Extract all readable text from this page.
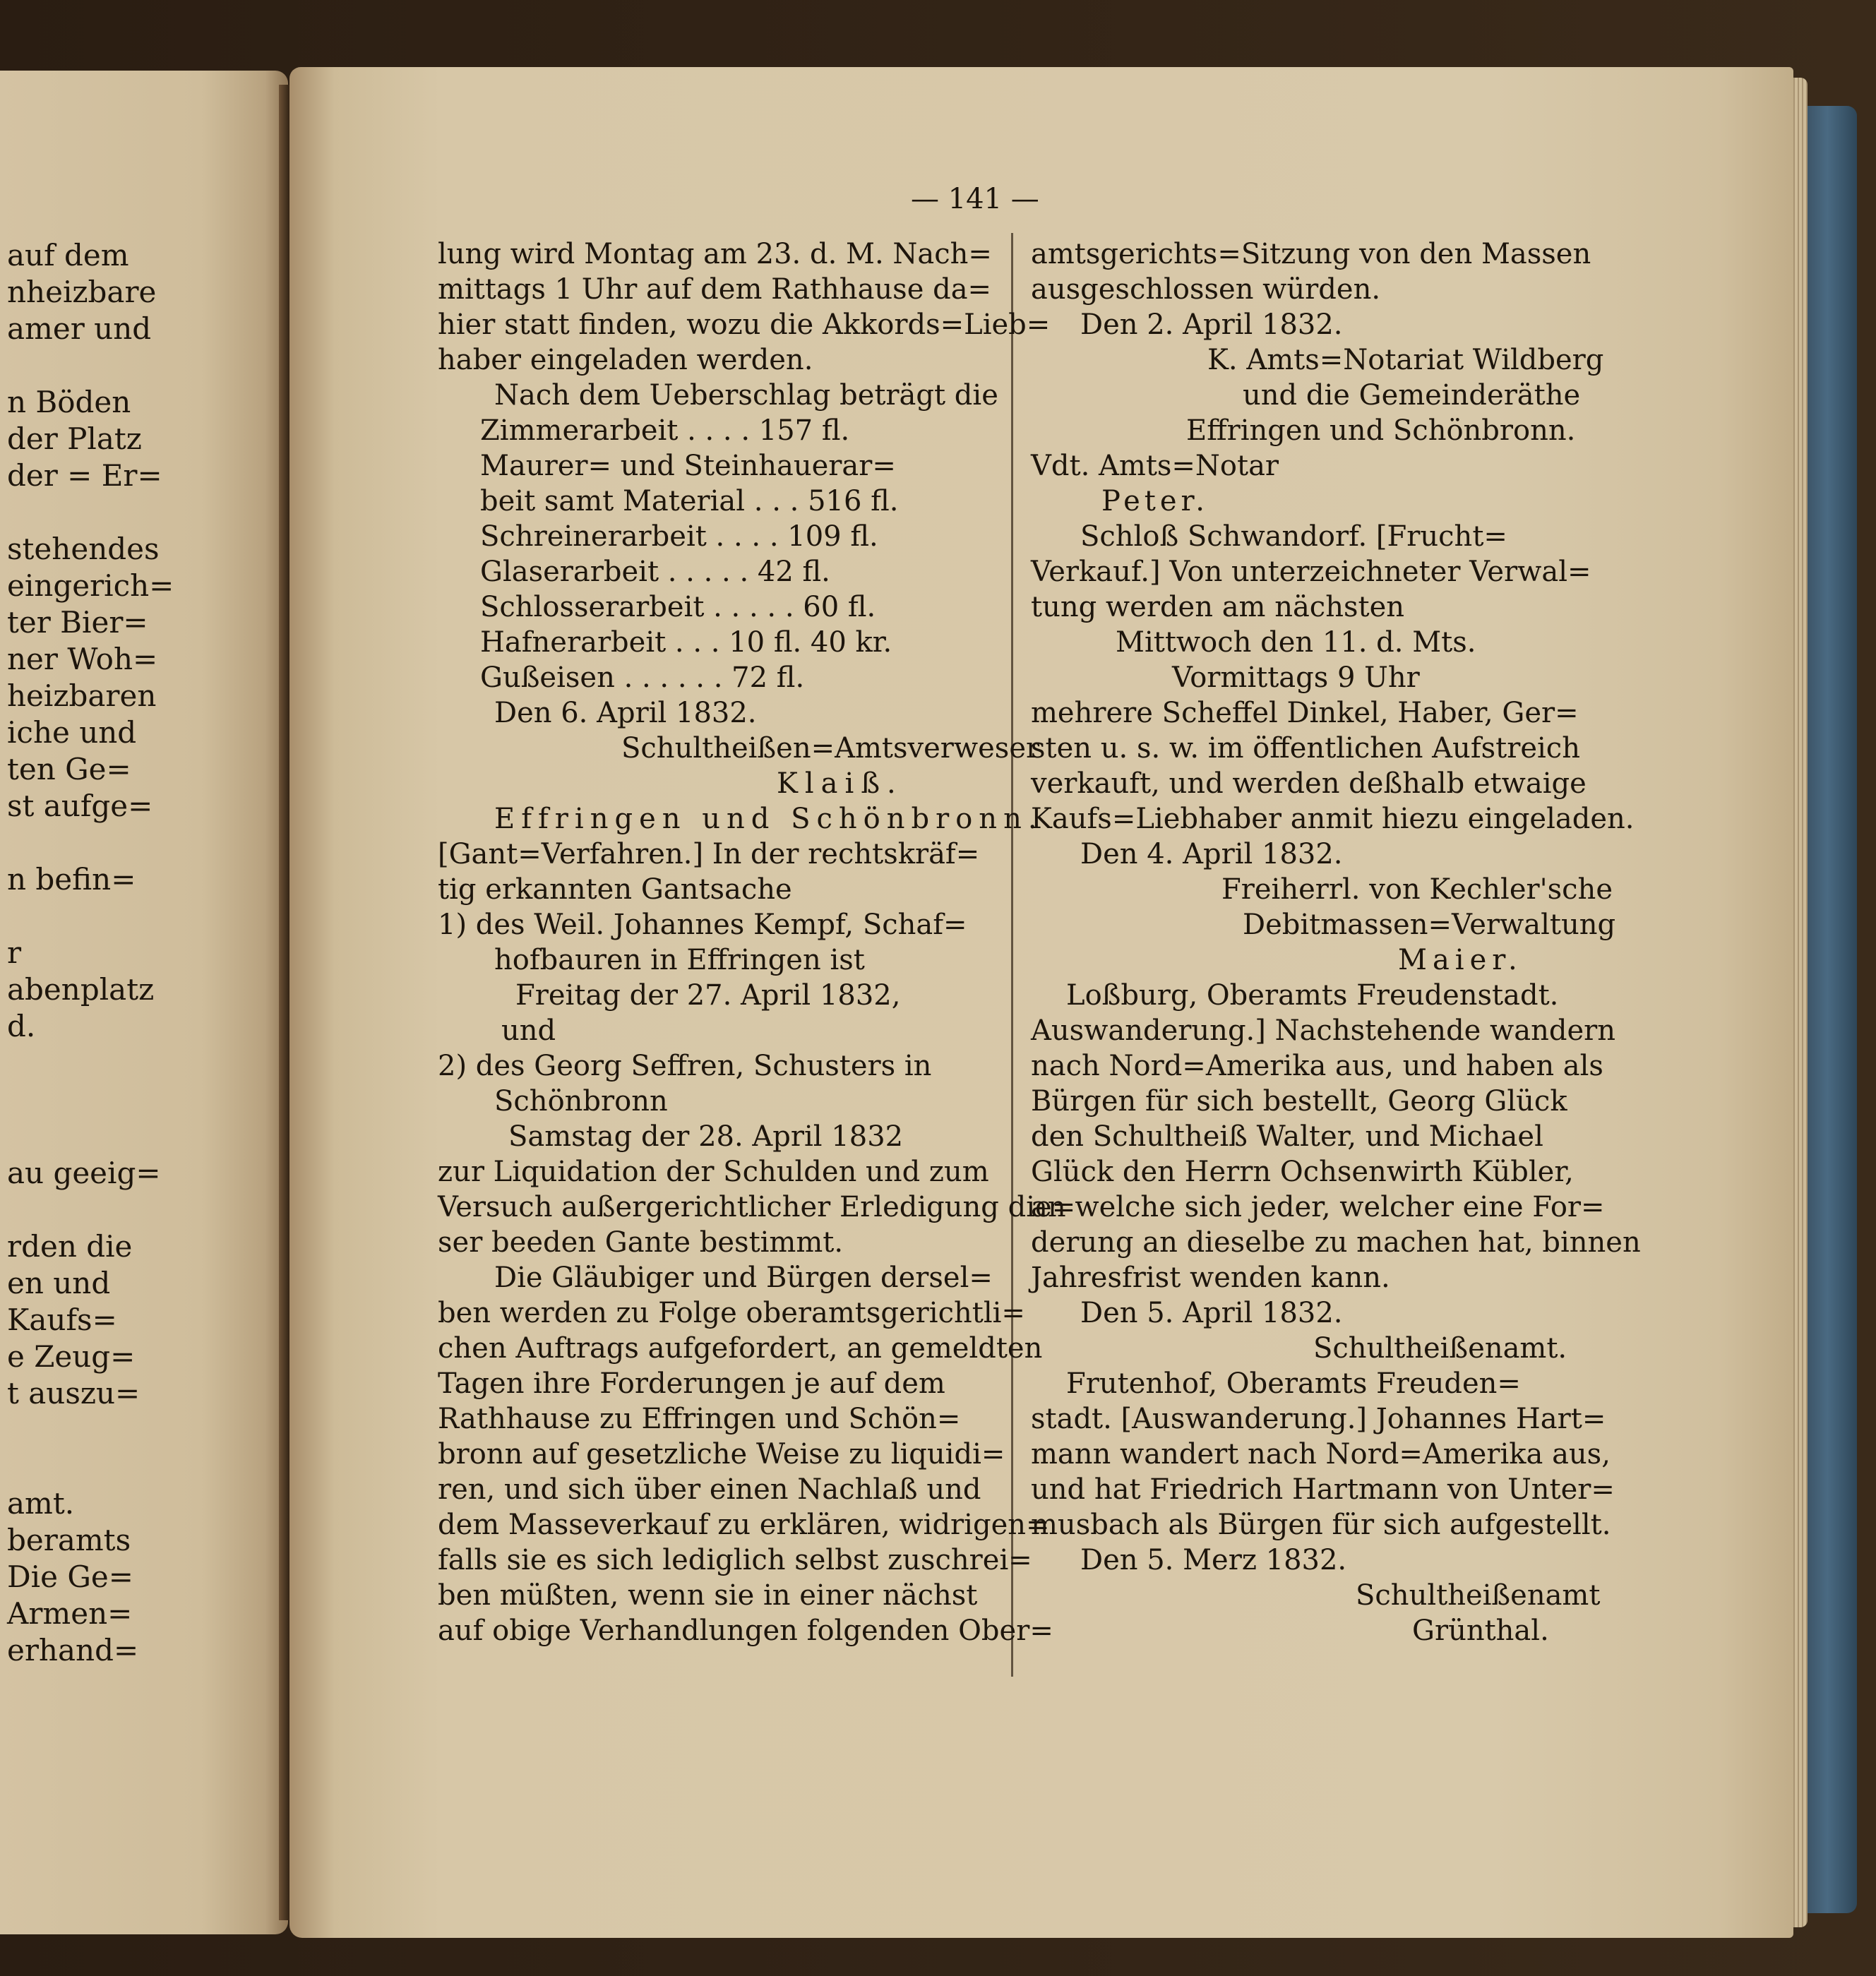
auf dem
nheizbare
amer und
n Böden
der Platz
der = Er=
stehendes
eingerich=
ter Bier=
ner Woh=
heizbaren
iche und
ten Ge=
st aufge=
n befin=
r
abenplatz
d.
au geeig=
rden die
en und
Kaufs=
e Zeug=
t auszu=
amt.
beramts
Die Ge=
Armen=
erhand=
— 141 —
lung wird Montag am 23. d. M. Nach=
mittags 1 Uhr auf dem Rathhause da=
hier statt finden, wozu die Akkords=Lieb=
haber eingeladen werden.
Nach dem Ueberschlag beträgt die
Zimmerarbeit . . . . 157 fl.
Maurer= und Steinhauerar=
beit samt Material . . . 516 fl.
Schreinerarbeit . . . . 109 fl.
Glaserarbeit . . . . . 42 fl.
Schlosserarbeit . . . . . 60 fl.
Hafnerarbeit . . . 10 fl. 40 kr.
Gußeisen . . . . . . 72 fl.
Den 6. April 1832.
Schultheißen=Amtsverweser
Klaiß.
Effringen und Schönbronn.
[Gant=Verfahren.] In der rechtskräf=
tig erkannten Gantsache
1) des Weil. Johannes Kempf, Schaf=
hofbauren in Effringen ist
Freitag der 27. April 1832,
und
2) des Georg Seffren, Schusters in
Schönbronn
Samstag der 28. April 1832
zur Liquidation der Schulden und zum
Versuch außergerichtlicher Erledigung die=
ser beeden Gante bestimmt.
Die Gläubiger und Bürgen dersel=
ben werden zu Folge oberamtsgerichtli=
chen Auftrags aufgefordert, an gemeldten
Tagen ihre Forderungen je auf dem
Rathhause zu Effringen und Schön=
bronn auf gesetzliche Weise zu liquidi=
ren, und sich über einen Nachlaß und
dem Masseverkauf zu erklären, widrigen=
falls sie es sich lediglich selbst zuschrei=
ben müßten, wenn sie in einer nächst
auf obige Verhandlungen folgenden Ober=
amtsgerichts=Sitzung von den Massen
ausgeschlossen würden.
Den 2. April 1832.
K. Amts=Notariat Wildberg
und die Gemeinderäthe
Effringen und Schönbronn.
Vdt. Amts=Notar
Peter.
Schloß Schwandorf. [Frucht=
Verkauf.] Von unterzeichneter Verwal=
tung werden am nächsten
Mittwoch den 11. d. Mts.
Vormittags 9 Uhr
mehrere Scheffel Dinkel, Haber, Ger=
sten u. s. w. im öffentlichen Aufstreich
verkauft, und werden deßhalb etwaige
Kaufs=Liebhaber anmit hiezu eingeladen.
Den 4. April 1832.
Freiherrl. von Kechler'sche
Debitmassen=Verwaltung
Maier.
Loßburg, Oberamts Freudenstadt.
Auswanderung.] Nachstehende wandern
nach Nord=Amerika aus, und haben als
Bürgen für sich bestellt, Georg Glück
den Schultheiß Walter, und Michael
Glück den Herrn Ochsenwirth Kübler,
an welche sich jeder, welcher eine For=
derung an dieselbe zu machen hat, binnen
Jahresfrist wenden kann.
Den 5. April 1832.
Schultheißenamt.
Frutenhof, Oberamts Freuden=
stadt. [Auswanderung.] Johannes Hart=
mann wandert nach Nord=Amerika aus,
und hat Friedrich Hartmann von Unter=
musbach als Bürgen für sich aufgestellt.
Den 5. Merz 1832.
Schultheißenamt
Grünthal.
